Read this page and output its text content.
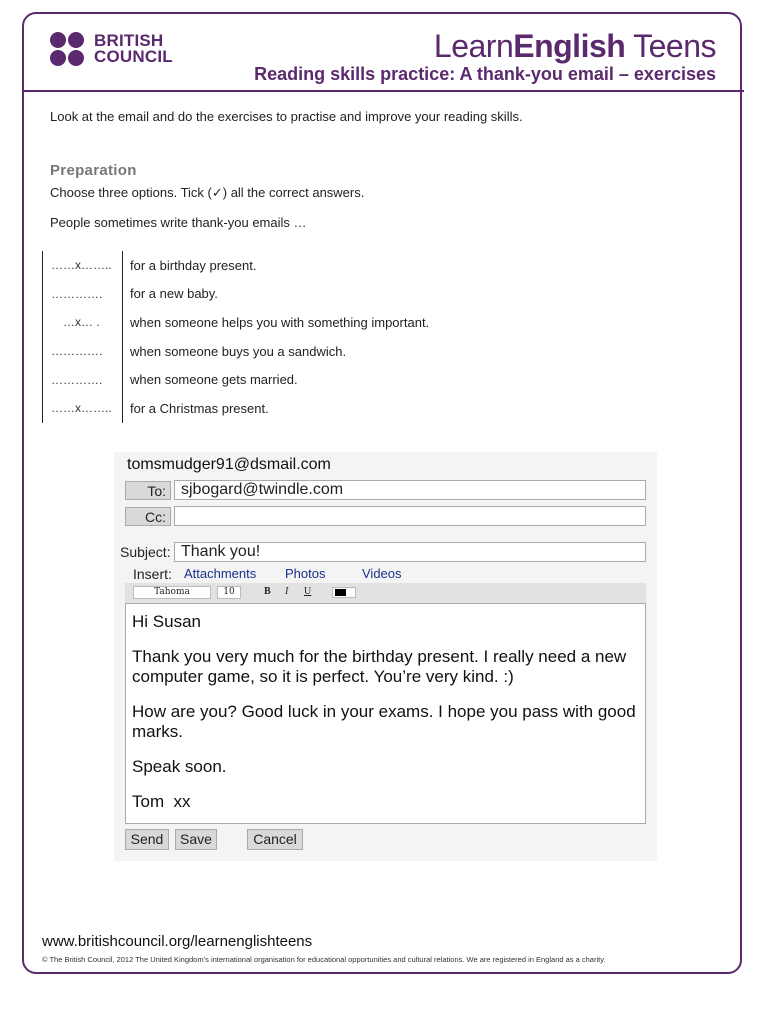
BRITISH
COUNCIL	LearnEnglish Teens
Reading skills practice: A thank-you email – exercises
Look at the email and do the exercises to practise and improve your reading skills.
Preparation
Choose three options. Tick (✓) all the correct answers.
People sometimes write thank-you emails …
……x……..	for a birthday present.
………….	for a new baby.
…x… .	when someone helps you with something important.
………….	when someone buys you a sandwich.
………….	when someone gets married.
……x……..	for a Christmas present.
tomsmudger91@dsmail.com
To: sjbogard@twindle.com
Cc:
Subject: Thank you!
Insert: Attachments Photos	Videos
Tahoma	10	B I U

Hi Susan

Thank you very much for the birthday present. I really need a new computer game, so it is perfect. You’re very kind. :)

How are you? Good luck in your exams. I hope you pass with good marks.

Speak soon.

Tom  xx

Send	Save	Cancel
www.britishcouncil.org/learnenglishteens
© The British Council, 2012 The United Kingdom’s international organisation for educational opportunities and cultural relations. We are registered in England as a charity.
